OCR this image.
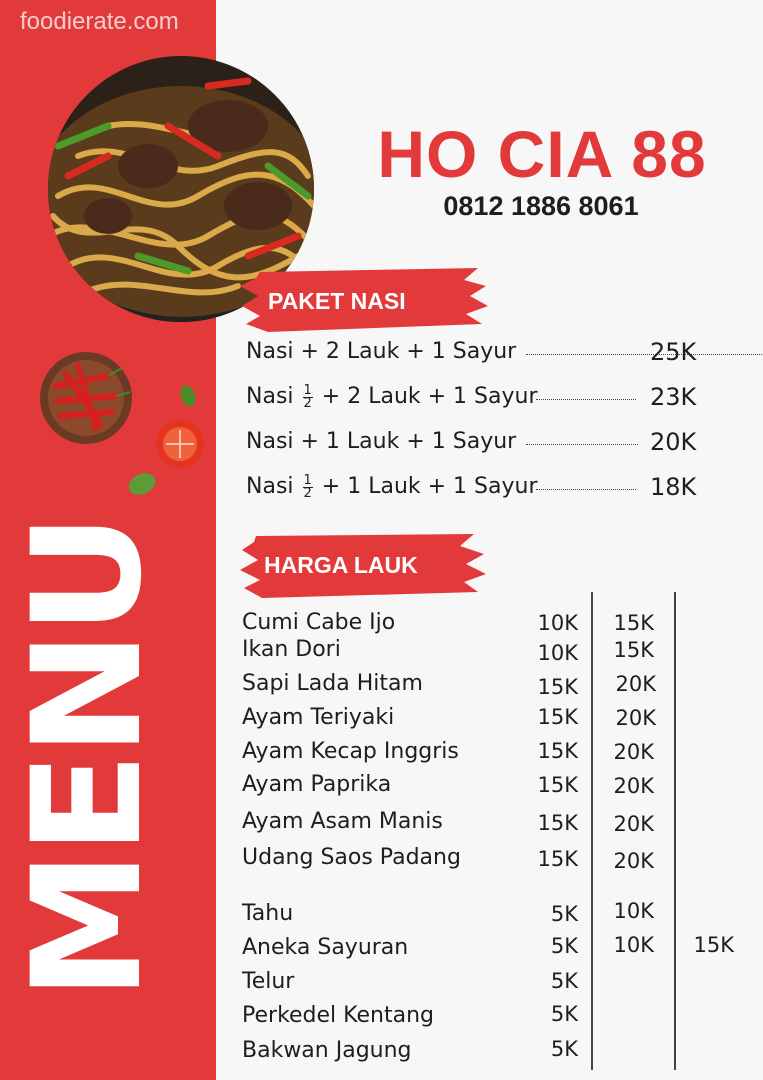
foodierate.com
MENU
HO CIA 88
0812 1886 8061
PAKET NASI
Nasi + 2 Lauk + 1 Sayur	25K
Nasi $\frac{1}{2} + 2$ Lauk + 1 Sayur	23K
Nasi + 1 Lauk + 1 Sayur	20K
Nasi $\frac{1}{2} + 1$ Lauk + 1 Sayur	18K
HARGA LAUK
Cumi Cabe Ijo	10K	15K
Ikan Dori	10K	15K
Sapi Lada Hitam	15K	20K
Ayam Teriyaki	15K	20K
Ayam Kecap Inggris	15K	20K
Ayam Paprika	15K	20K
Ayam Asam Manis	15K	20K
Udang Saos Padang	15K	20K
Tahu	5K	10K
Aneka Sayuran	5K	10K	15K
Telur	5K
Perkedel Kentang	5K
Bakwan Jagung	5K
